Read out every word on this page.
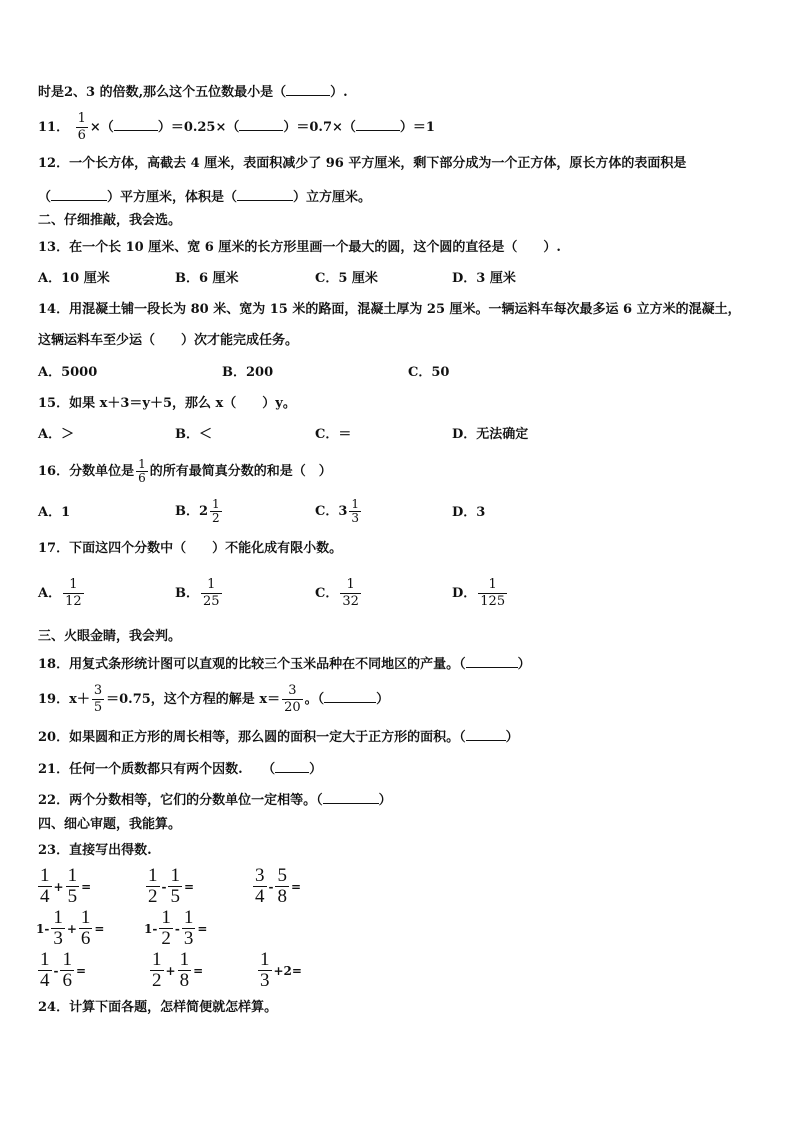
时是2、3 的倍数,那么这个五位数最小是（	）.
11． $\frac{1}{6}$ ×（	）＝0.25×（	）＝0.7×（	）＝1
12．一个长方体，高截去 4 厘米，表面积减少了 96 平方厘米，剩下部分成为一个正方体，原长方体的表面积是
（	）平方厘米，体积是（	）立方厘米。
二、仔细推敲，我会选。
13．在一个长 10 厘米、宽 6 厘米的长方形里画一个最大的圆，这个圆的直径是（　　）.
A．10 厘米	B．6 厘米	C．5 厘米	D．3 厘米
14．用混凝土铺一段长为 80 米、宽为 15 米的路面，混凝土厚为 25 厘米。一辆运料车每次最多运 6 立方米的混凝土，
这辆运料车至少运（　　）次才能完成任务。
A．5000	B．200	C．50
15．如果 x＋3＝y＋5，那么 x（　　）y。
A．＞	B．＜	C．＝	D．无法确定
16．分数单位是 $\frac{1}{6}$ 的所有最简真分数的和是（　）
A．1	B．$2 \frac{1}{2}$	C．$3 \frac{1}{3}$	D．3
17．下面这四个分数中（　　）不能化成有限小数。
A． $\frac{1}{12}$	B． $\frac{1}{25}$	C． $\frac{1}{32}$	D． $\frac{1}{125}$
三、火眼金睛，我会判。
18．用复式条形统计图可以直观的比较三个玉米品种在不同地区的产量。（	）
19．$x+ \frac{3}{5} =0.75$，这个方程的解是 $x= \frac{3}{20}$ 。（	）
20．如果圆和正方形的周长相等，那么圆的面积一定大于正方形的面积。（	）
21．任何一个质数都只有两个因数.　　（	）
22．两个分数相等，它们的分数单位一定相等。（	）
四、细心审题，我能算。
23．直接写出得数.
$\frac{1}{4} + \frac{1}{5}$ =	$\frac{1}{2} - \frac{1}{5}$ =	$\frac{3}{4} - \frac{5}{8}$ =
$1- \frac{1}{3} + \frac{1}{6}$ =	$1- \frac{1}{2} - \frac{1}{3}$ =
$\frac{1}{4} - \frac{1}{6}$ =	$\frac{1}{2} + \frac{1}{8}$ =	$\frac{1}{3} +2=$
24．计算下面各题，怎样简便就怎样算。
